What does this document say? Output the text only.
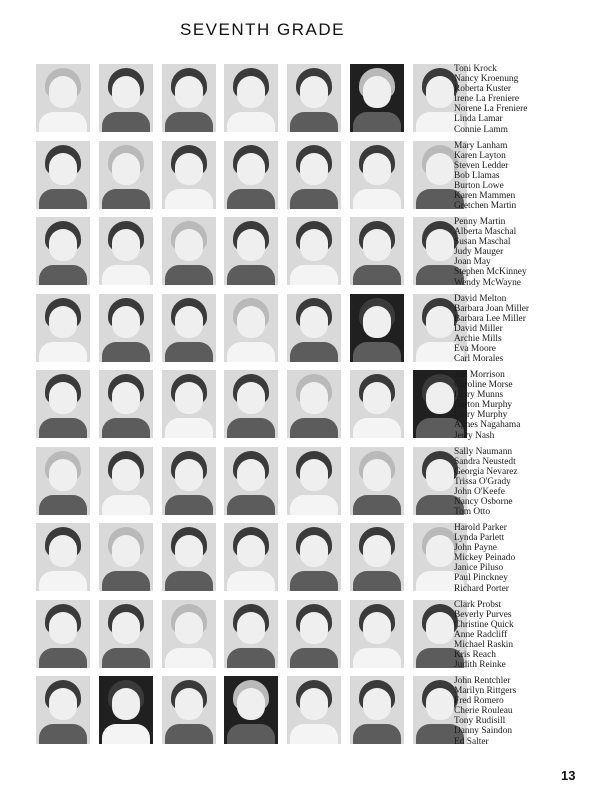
SEVENTH GRADE
Toni Krock
Nancy Kroenung
Roberta Kuster
Irene La Freniere
Norene La Freniere
Linda Lamar
Connie Lamm
Mary Lanham
Karen Layton
Steven Ledder
Bob Llamas
Burton Lowe
Karen Mammen
Gretchen Martin
Penny Martin
Alberta Maschal
Susan Maschal
Judy Mauger
Joan May
Stephen McKinney
Wendy McWayne
David Melton
Barbara Joan Miller
Barbara Lee Miller
David Miller
Archie Mills
Eva Moore
Carl Morales
Jim Morrison
Caroline Morse
Larry Munns
Barton Murphy
Larry Murphy
Agnes Nagahama
Jerry Nash
Sally Naumann
Sandra Neustedt
Georgia Nevarez
Trissa O'Grady
John O'Keefe
Nancy Osborne
Tom Otto
Harold Parker
Lynda Parlett
John Payne
Mickey Peinado
Janice Piluso
Paul Pinckney
Richard Porter
Clark Probst
Beverly Purves
Christine Quick
Anne Radcliff
Michael Raskin
Kris Reach
Judith Reinke
John Rentchler
Marilyn Rittgers
Fred Romero
Cherie Rouleau
Tony Rudisill
Danny Saindon
Ed Salter
13
